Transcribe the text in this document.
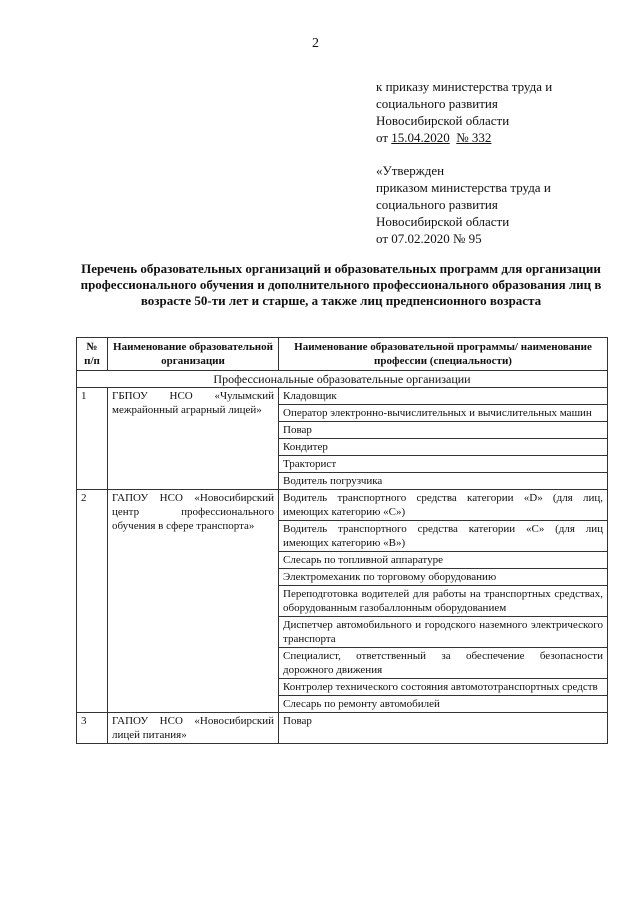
2
к приказу министерства труда и
социального развития
Новосибирской области
от 15.04.2020 № 332
«Утвержден
приказом министерства труда и
социального развития
Новосибирской области
от 07.02.2020 № 95
Перечень образовательных организаций и образовательных программ для организации профессионального обучения и дополнительного профессионального образования лиц в возрасте 50-ти лет и старше, а также лиц предпенсионного возраста
№ п/п	Наименование образовательной организации	Наименование образовательной программы/ наименование профессии (специальности)
Профессиональные образовательные организации		
1	ГБПОУ НСО «Чулымский межрайонный аграрный лицей»	Кладовщик
		Оператор электронно-вычислительных и вычислительных машин
		Повар
		Кондитер
		Тракторист
		Водитель погрузчика
2	ГАПОУ НСО «Новосибирский центр профессионального обучения в сфере транспорта»	Водитель транспортного средства категории «D» (для лиц, имеющих категорию «С»)
		Водитель транспортного средства категории «С» (для лиц имеющих категорию «В»)
		Слесарь по топливной аппаратуре
		Электромеханик по торговому оборудованию
		Переподготовка водителей для работы на транспортных средствах, оборудованным газобаллонным оборудованием
		Диспетчер автомобильного и городского наземного электрического транспорта
		Специалист, ответственный за обеспечение безопасности дорожного движения
		Контролер технического состояния автомототранспортных средств
		Слесарь по ремонту автомобилей
3	ГАПОУ НСО «Новосибирский лицей питания»	Повар
